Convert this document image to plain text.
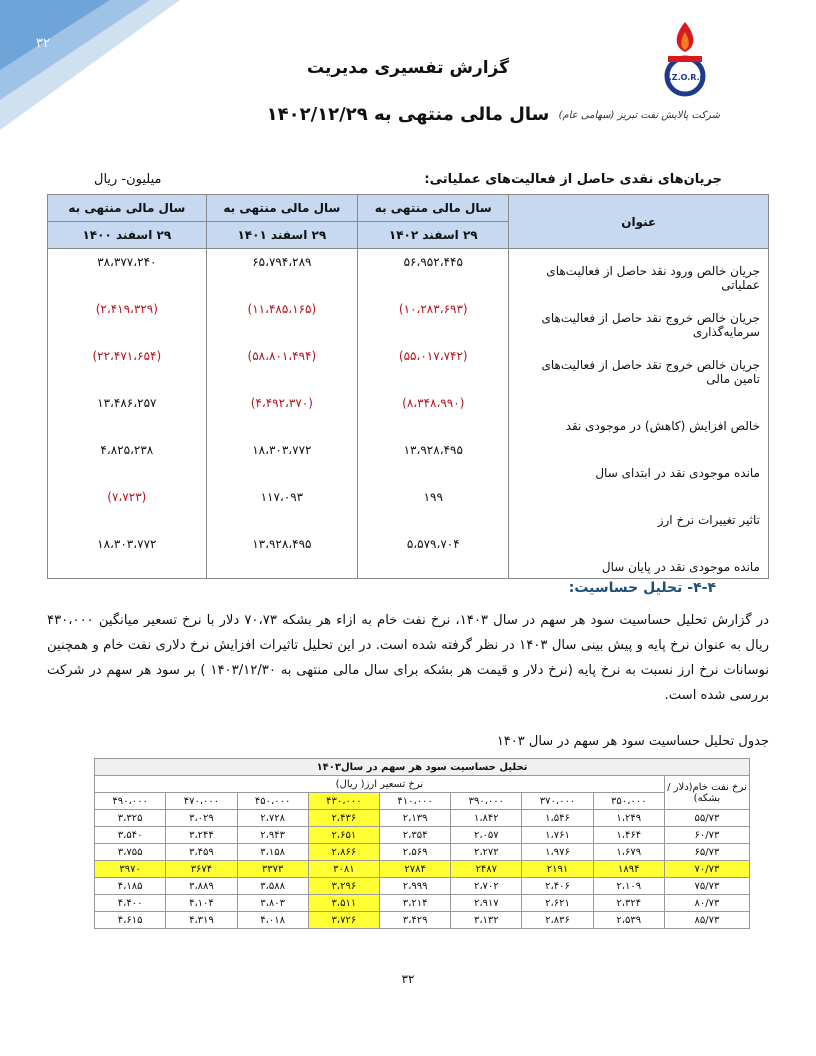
۳۲
T.Z.O.R.C
شرکت پالایش نفت تبریز (سهامی عام)
گزارش تفسیری مدیریت
سال مالی منتهی به ۱۴۰۲/۱۲/۲۹
جریان‌های نقدی حاصل از فعالیت‌های عملیاتی:
میلیون- ریال
عنوان	سال مالی منتهی به	سال مالی منتهی به	سال مالی منتهی به
	۲۹ اسفند ۱۴۰۲	۲۹ اسفند ۱۴۰۱	۲۹ اسفند ۱۴۰۰
جریان خالص ورود نقد حاصل از فعالیت‌های عملیاتی	۵۶،۹۵۲،۴۴۵	۶۵،۷۹۴،۲۸۹	۳۸،۳۷۷،۲۴۰
جریان خالص خروج نقد حاصل از فعالیت‌های سرمایه‌گذاری	(۱۰،۲۸۳،۶۹۳)	(۱۱،۴۸۵،۱۶۵)	(۲،۴۱۹،۳۲۹)
جریان خالص خروج نقد حاصل از فعالیت‌های تامین مالی	(۵۵،۰۱۷،۷۴۲)	(۵۸،۸۰۱،۴۹۴)	(۲۲،۴۷۱،۶۵۴)
خالص افزایش (کاهش) در موجودی نقد	(۸،۳۴۸،۹۹۰)	(۴،۴۹۲،۳۷۰)	۱۳،۴۸۶،۲۵۷
مانده موجودی نقد در ابتدای سال	۱۳،۹۲۸،۴۹۵	۱۸،۳۰۳،۷۷۲	۴،۸۲۵،۲۳۸
تاثیر تغییرات نرخ ارز	۱۹۹	۱۱۷،۰۹۳	(۷،۷۲۳)
مانده موجودی نقد در پایان سال	۵،۵۷۹،۷۰۴	۱۳،۹۲۸،۴۹۵	۱۸،۳۰۳،۷۷۲
۴-۴- تحلیل حساسیت:
در گزارش تحلیل حساسیت سود هر سهم در سال ۱۴۰۳، نرخ نفت خام به ازاء هر بشکه ۷۰،۷۳ دلار با نرخ تسعیر میانگین ۴۳۰،۰۰۰ ریال به عنوان نرخ پایه و پیش بینی سال ۱۴۰۳ در نظر گرفته شده است. در این تحلیل تاثیرات افزایش نرخ دلاری نفت خام و همچنین نوسانات نرخ ارز نسبت به نرخ پایه (نرخ دلار و قیمت هر بشکه برای سال مالی منتهی به ۱۴۰۳/۱۲/۳۰ ) بر سود هر سهم در شرکت بررسی شده است.
جدول تحلیل حساسیت سود هر سهم در سال ۱۴۰۳
تحلیل حساسیت سود هر سهم در سال۱۴۰۳								
نرخ نفت خام(دلار /بشکه)	نرخ تسعیر ارز( ریال)							
	۳۵۰،۰۰۰	۳۷۰،۰۰۰	۳۹۰،۰۰۰	۴۱۰،۰۰۰	۴۳۰،۰۰۰	۴۵۰،۰۰۰	۴۷۰،۰۰۰	۴۹۰،۰۰۰
۵۵/۷۳	۱،۲۴۹	۱،۵۴۶	۱،۸۴۲	۲،۱۳۹	۲،۴۳۶	۲،۷۲۸	۳،۰۲۹	۳،۳۲۵
۶۰/۷۳	۱،۴۶۴	۱،۷۶۱	۲،۰۵۷	۲،۳۵۴	۲،۶۵۱	۲،۹۴۳	۳،۲۴۴	۳،۵۴۰
۶۵/۷۳	۱،۶۷۹	۱،۹۷۶	۲،۲۷۲	۲،۵۶۹	۲،۸۶۶	۳،۱۵۸	۳،۴۵۹	۳،۷۵۵
۷۰/۷۳	۱۸۹۴	۲۱۹۱	۲۴۸۷	۲۷۸۴	۳۰۸۱	۳۳۷۳	۳۶۷۴	۳۹۷۰
۷۵/۷۳	۲،۱۰۹	۲،۴۰۶	۲،۷۰۲	۲،۹۹۹	۳،۲۹۶	۳،۵۸۸	۳،۸۸۹	۴،۱۸۵
۸۰/۷۳	۲،۳۲۴	۲،۶۲۱	۲،۹۱۷	۳،۲۱۴	۳،۵۱۱	۳،۸۰۳	۴،۱۰۴	۴،۴۰۰
۸۵/۷۳	۲،۵۳۹	۲،۸۳۶	۳،۱۳۲	۳،۴۲۹	۳،۷۲۶	۴،۰۱۸	۴،۳۱۹	۴،۶۱۵
۳۲
